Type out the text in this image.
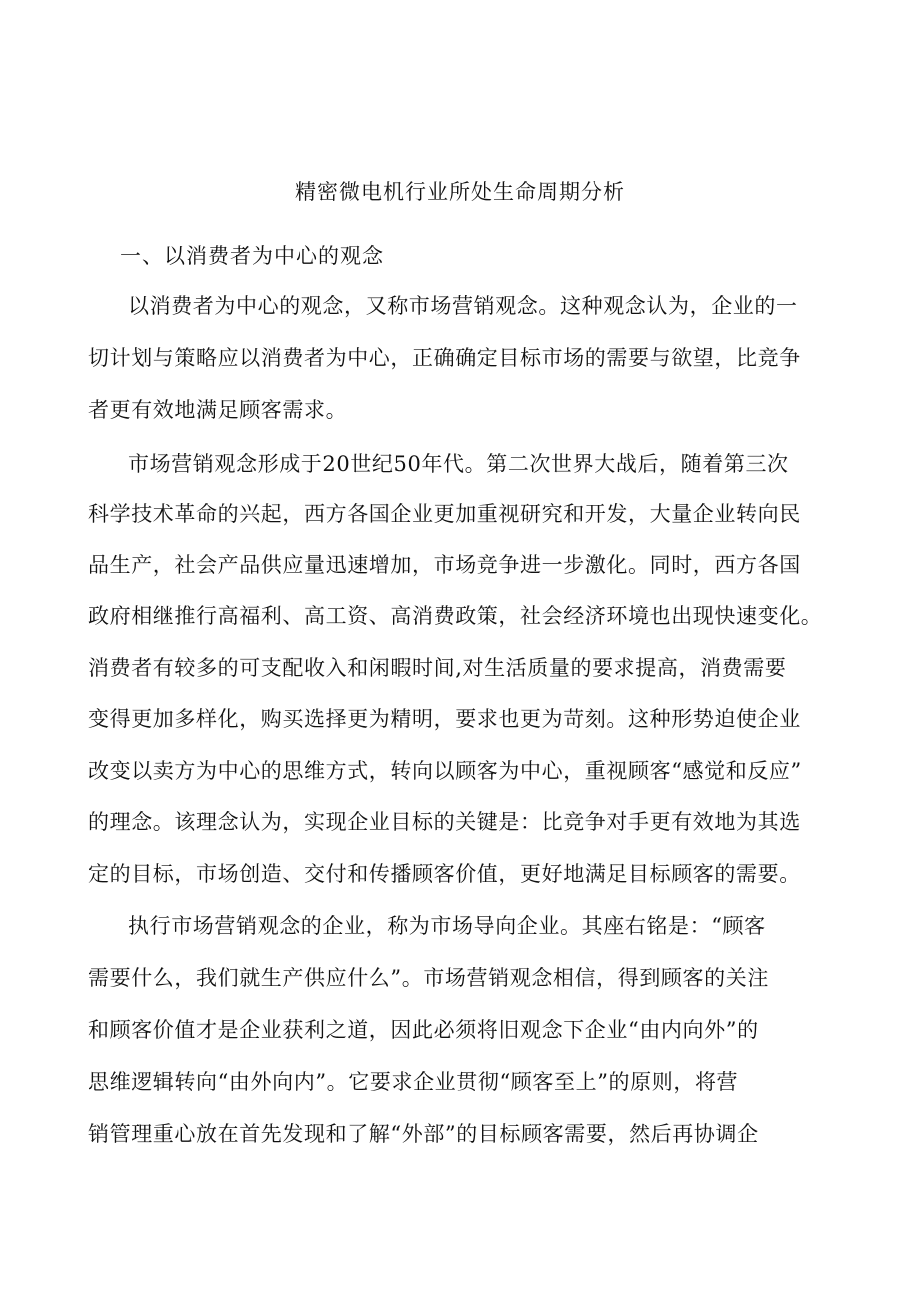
精密微电机行业所处生命周期分析
一、以消费者为中心的观念
以消费者为中心的观念，又称市场营销观念。这种观念认为，企业的一
切计划与策略应以消费者为中心，正确确定目标市场的需要与欲望，比竞争
者更有效地满足顾客需求。
市场营销观念形成于20世纪50年代。第二次世界大战后，随着第三次
科学技术革命的兴起，西方各国企业更加重视研究和开发，大量企业转向民
品生产，社会产品供应量迅速增加，市场竞争进一步激化。同时，西方各国
政府相继推行高福利、高工资、高消费政策，社会经济环境也出现快速变化。
消费者有较多的可支配收入和闲暇时间,对生活质量的要求提高，消费需要
变得更加多样化，购买选择更为精明，要求也更为苛刻。这种形势迫使企业
改变以卖方为中心的思维方式，转向以顾客为中心，重视顾客“感觉和反应”
的理念。该理念认为，实现企业目标的关键是：比竞争对手更有效地为其选
定的目标，市场创造、交付和传播顾客价值，更好地满足目标顾客的需要。
执行市场营销观念的企业，称为市场导向企业。其座右铭是：“顾客
需要什么，我们就生产供应什么”。市场营销观念相信，得到顾客的关注
和顾客价值才是企业获利之道，因此必须将旧观念下企业“由内向外”的
思维逻辑转向“由外向内”。它要求企业贯彻“顾客至上”的原则，将营
销管理重心放在首先发现和了解“外部”的目标顾客需要，然后再协调企
